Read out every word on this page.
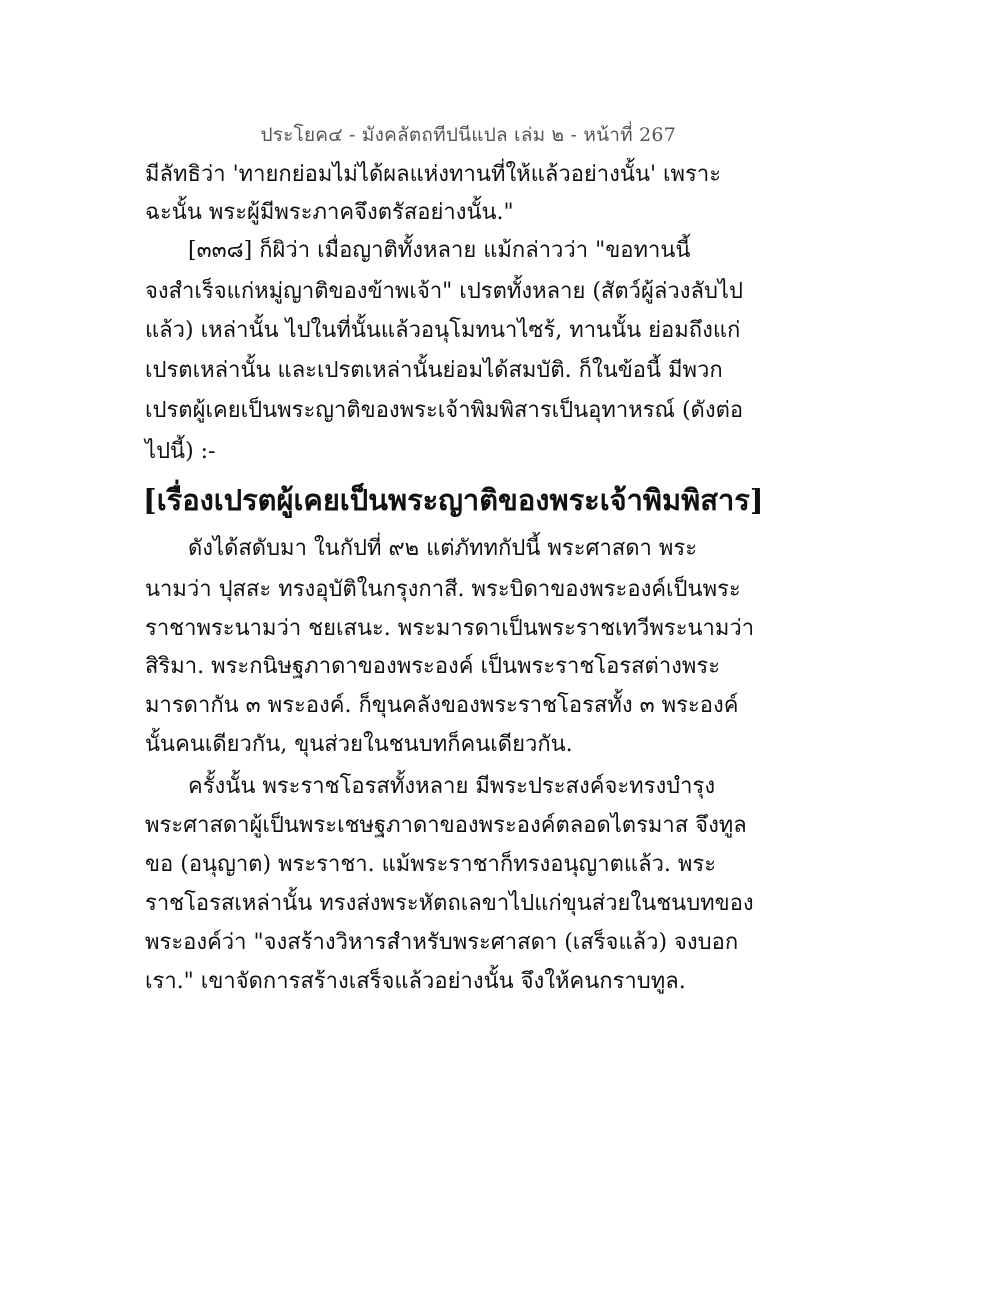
ประโยค๔ - มังคลัตถทีปนีแปล เล่ม ๒ - หน้าที่ 267
มีลัทธิว่า 'ทายกย่อมไม่ได้ผลแห่งทานที่ให้แล้วอย่างนั้น' เพราะ
ฉะนั้น พระผู้มีพระภาคจึงตรัสอย่างนั้น."
[๓๓๘] ก็ผิว่า เมื่อญาติทั้งหลาย แม้กล่าวว่า "ขอทานนี้
จงสำเร็จแก่หมู่ญาติของข้าพเจ้า" เปรตทั้งหลาย (สัตว์ผู้ล่วงลับไป
แล้ว) เหล่านั้น ไปในที่นั้นแล้วอนุโมทนาไซร้, ทานนั้น ย่อมถึงแก่
เปรตเหล่านั้น และเปรตเหล่านั้นย่อมได้สมบัติ. ก็ในข้อนี้ มีพวก
เปรตผู้เคยเป็นพระญาติของพระเจ้าพิมพิสารเป็นอุทาหรณ์ (ดังต่อ
ไปนี้) :-
[เรื่องเปรตผู้เคยเป็นพระญาติของพระเจ้าพิมพิสาร]
ดังได้สดับมา ในกัปที่ ๙๒ แต่ภัททกัปนี้ พระศาสดา พระ
นามว่า ปุสสะ ทรงอุบัติในกรุงกาสี. พระบิดาของพระองค์เป็นพระ
ราชาพระนามว่า ชยเสนะ. พระมารดาเป็นพระราชเทวีพระนามว่า
สิริมา. พระกนิษฐภาดาของพระองค์ เป็นพระราชโอรสต่างพระ
มารดากัน ๓ พระองค์. ก็ขุนคลังของพระราชโอรสทั้ง ๓ พระองค์
นั้นคนเดียวกัน, ขุนส่วยในชนบทก็คนเดียวกัน.
ครั้งนั้น พระราชโอรสทั้งหลาย มีพระประสงค์จะทรงบำรุง
พระศาสดาผู้เป็นพระเชษฐภาดาของพระองค์ตลอดไตรมาส จึงทูล
ขอ (อนุญาต) พระราชา. แม้พระราชาก็ทรงอนุญาตแล้ว. พระ
ราชโอรสเหล่านั้น ทรงส่งพระหัตถเลขาไปแก่ขุนส่วยในชนบทของ
พระองค์ว่า "จงสร้างวิหารสำหรับพระศาสดา (เสร็จแล้ว) จงบอก
เรา." เขาจัดการสร้างเสร็จแล้วอย่างนั้น จึงให้คนกราบทูล.
